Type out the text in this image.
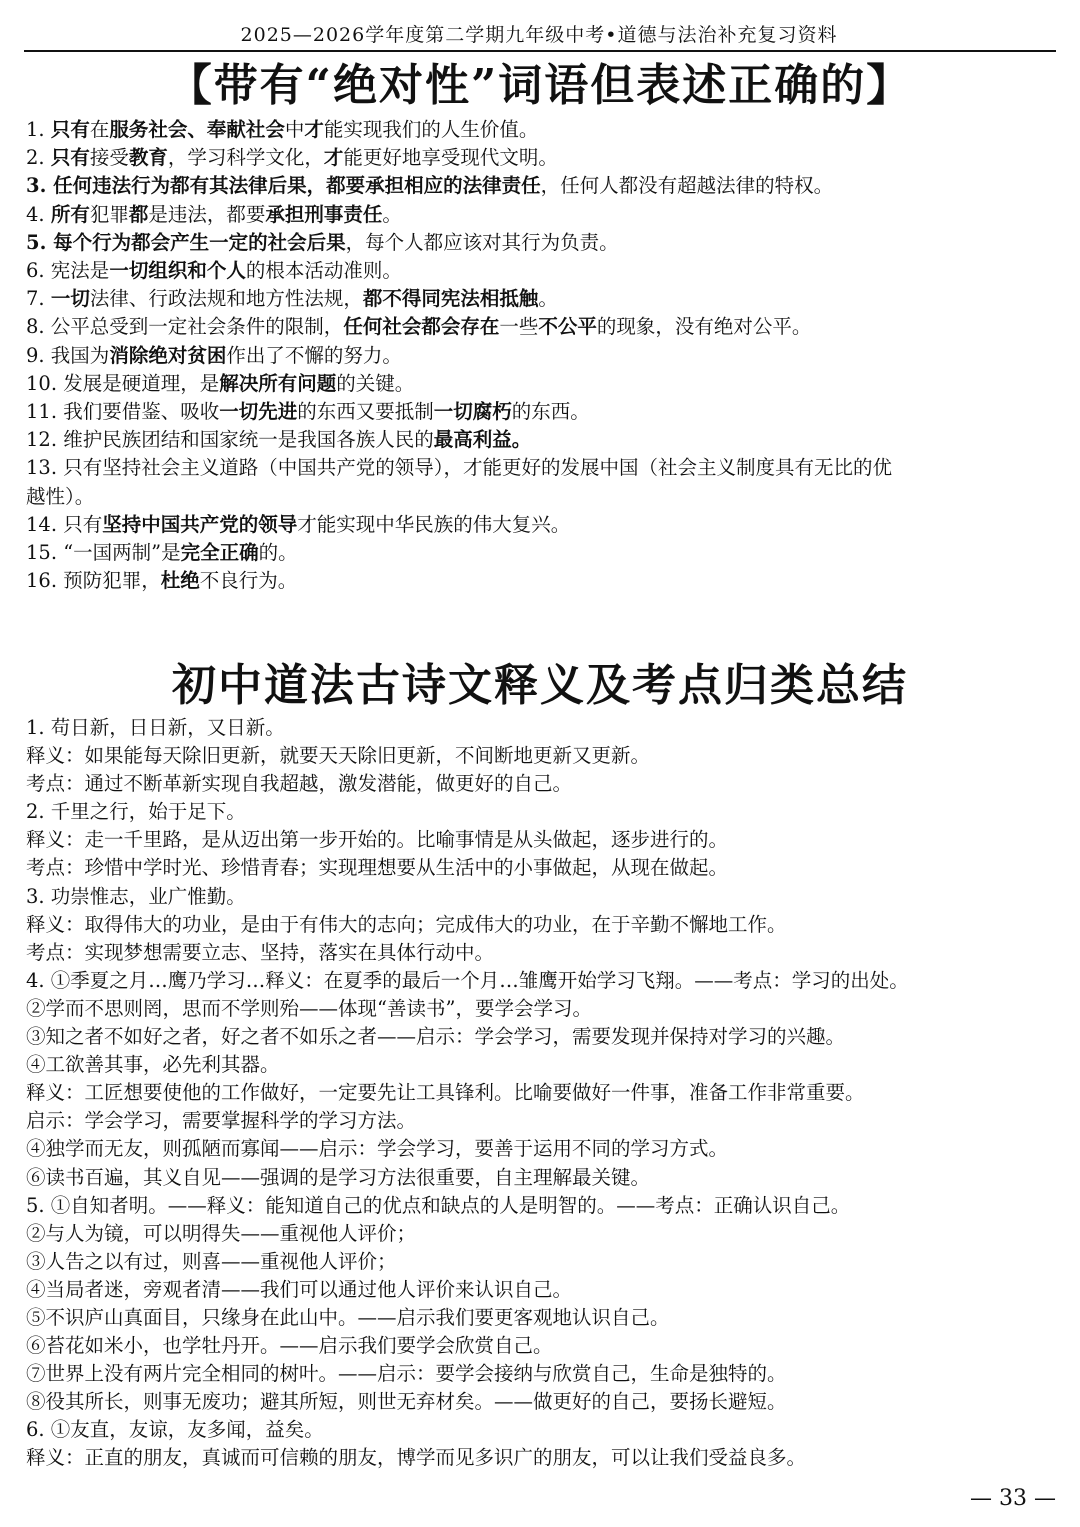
2025—2026学年度第二学期九年级中考•道德与法治补充复习资料
【带有“绝对性”词语但表述正确的】
1. 只有在服务社会、奉献社会中才能实现我们的人生价值。
2. 只有接受教育，学习科学文化，才能更好地享受现代文明。
3. 任何违法行为都有其法律后果，都要承担相应的法律责任，任何人都没有超越法律的特权。
4. 所有犯罪都是违法，都要承担刑事责任。
5. 每个行为都会产生一定的社会后果，每个人都应该对其行为负责。
6. 宪法是一切组织和个人的根本活动准则。
7. 一切法律、行政法规和地方性法规，都不得同宪法相抵触。
8. 公平总受到一定社会条件的限制，任何社会都会存在一些不公平的现象，没有绝对公平。
9. 我国为消除绝对贫困作出了不懈的努力。
10. 发展是硬道理，是解决所有问题的关键。
11. 我们要借鉴、吸收一切先进的东西又要抵制一切腐朽的东西。
12. 维护民族团结和国家统一是我国各族人民的最高利益。
13. 只有坚持社会主义道路（中国共产党的领导），才能更好的发展中国（社会主义制度具有无比的优
越性）。
14. 只有坚持中国共产党的领导才能实现中华民族的伟大复兴。
15. “一国两制”是完全正确的。
16. 预防犯罪，杜绝不良行为。
初中道法古诗文释义及考点归类总结
1. 苟日新，日日新，又日新。
释义：如果能每天除旧更新，就要天天除旧更新，不间断地更新又更新。
考点：通过不断革新实现自我超越，激发潜能，做更好的自己。
2. 千里之行，始于足下。
释义：走一千里路，是从迈出第一步开始的。比喻事情是从头做起，逐步进行的。
考点：珍惜中学时光、珍惜青春；实现理想要从生活中的小事做起，从现在做起。
3. 功崇惟志，业广惟勤。
释义：取得伟大的功业，是由于有伟大的志向；完成伟大的功业，在于辛勤不懈地工作。
考点：实现梦想需要立志、坚持，落实在具体行动中。
4. ①季夏之月…鹰乃学习…释义：在夏季的最后一个月…雏鹰开始学习飞翔。——考点：学习的出处。
②学而不思则罔，思而不学则殆——体现“善读书”，要学会学习。
③知之者不如好之者，好之者不如乐之者——启示：学会学习，需要发现并保持对学习的兴趣。
④工欲善其事，必先利其器。
释义：工匠想要使他的工作做好，一定要先让工具锋利。比喻要做好一件事，准备工作非常重要。
启示：学会学习，需要掌握科学的学习方法。
④独学而无友，则孤陋而寡闻——启示：学会学习，要善于运用不同的学习方式。
⑥读书百遍，其义自见——强调的是学习方法很重要，自主理解最关键。
5. ①自知者明。——释义：能知道自己的优点和缺点的人是明智的。——考点：正确认识自己。
②与人为镜，可以明得失——重视他人评价；
③人告之以有过，则喜——重视他人评价；
④当局者迷，旁观者清——我们可以通过他人评价来认识自己。
⑤不识庐山真面目，只缘身在此山中。——启示我们要更客观地认识自己。
⑥苔花如米小，也学牡丹开。——启示我们要学会欣赏自己。
⑦世界上没有两片完全相同的树叶。——启示：要学会接纳与欣赏自己，生命是独特的。
⑧役其所长，则事无废功；避其所短，则世无弃材矣。——做更好的自己，要扬长避短。
6. ①友直，友谅，友多闻，益矣。
释义：正直的朋友，真诚而可信赖的朋友，博学而见多识广的朋友，可以让我们受益良多。
— 33 —
